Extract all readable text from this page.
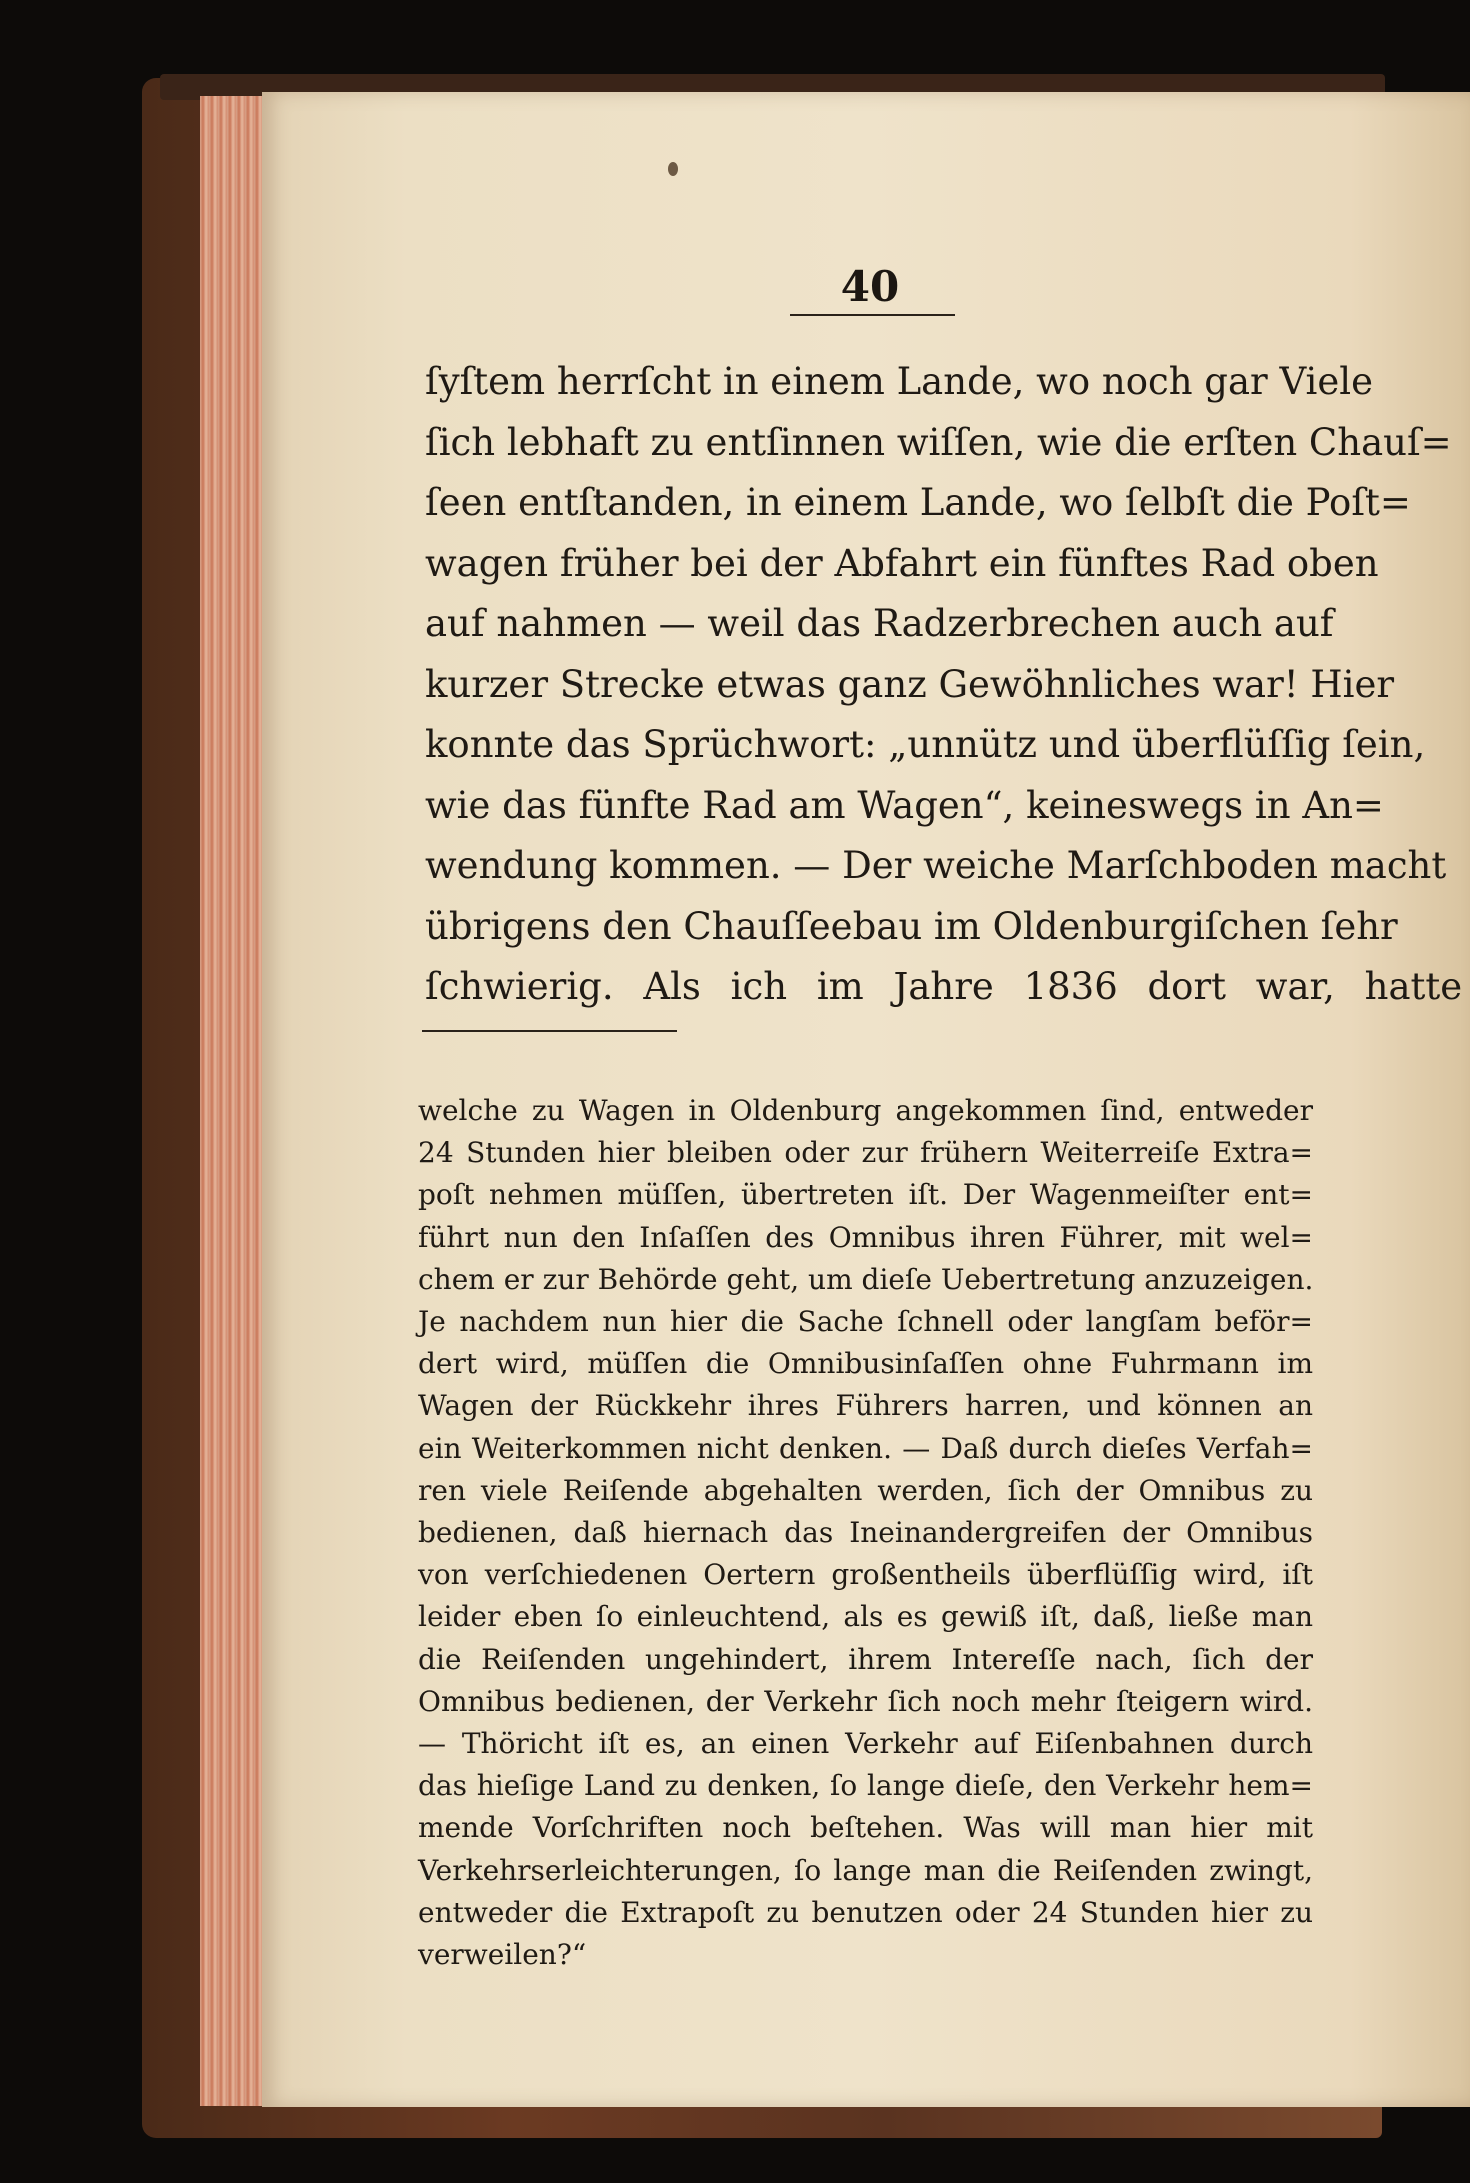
40
ſyſtem herrſcht in einem Lande, wo noch gar Viele
ſich lebhaft zu entſinnen wiſſen, wie die erſten Chauſ=
ſeen entſtanden, in einem Lande, wo ſelbſt die Poſt=
wagen früher bei der Abfahrt ein fünftes Rad oben
auf nahmen — weil das Radzerbrechen auch auf
kurzer Strecke etwas ganz Gewöhnliches war! Hier
konnte das Sprüchwort: „unnütz und überflüſſig ſein,
wie das fünfte Rad am Wagen“, keineswegs in An=
wendung kommen. — Der weiche Marſchboden macht
übrigens den Chauſſeebau im Oldenburgiſchen ſehr
ſchwierig. Als ich im Jahre 1836 dort war, hatte
welche zu Wagen in Oldenburg angekommen ſind, entweder
24 Stunden hier bleiben oder zur frühern Weiterreiſe Extra=
poſt nehmen müſſen, übertreten iſt. Der Wagenmeiſter ent=
führt nun den Inſaſſen des Omnibus ihren Führer, mit wel=
chem er zur Behörde geht, um dieſe Uebertretung anzuzeigen.
Je nachdem nun hier die Sache ſchnell oder langſam beför=
dert wird, müſſen die Omnibusinſaſſen ohne Fuhrmann im
Wagen der Rückkehr ihres Führers harren, und können an
ein Weiterkommen nicht denken. — Daß durch dieſes Verfah=
ren viele Reiſende abgehalten werden, ſich der Omnibus zu
bedienen, daß hiernach das Ineinandergreifen der Omnibus
von verſchiedenen Oertern großentheils überflüſſig wird, iſt
leider eben ſo einleuchtend, als es gewiß iſt, daß, ließe man
die Reiſenden ungehindert, ihrem Intereſſe nach, ſich der
Omnibus bedienen, der Verkehr ſich noch mehr ſteigern wird.
— Thöricht iſt es, an einen Verkehr auf Eiſenbahnen durch
das hieſige Land zu denken, ſo lange dieſe, den Verkehr hem=
mende Vorſchriften noch beſtehen. Was will man hier mit
Verkehrserleichterungen, ſo lange man die Reiſenden zwingt,
entweder die Extrapoſt zu benutzen oder 24 Stunden hier zu
verweilen?“
